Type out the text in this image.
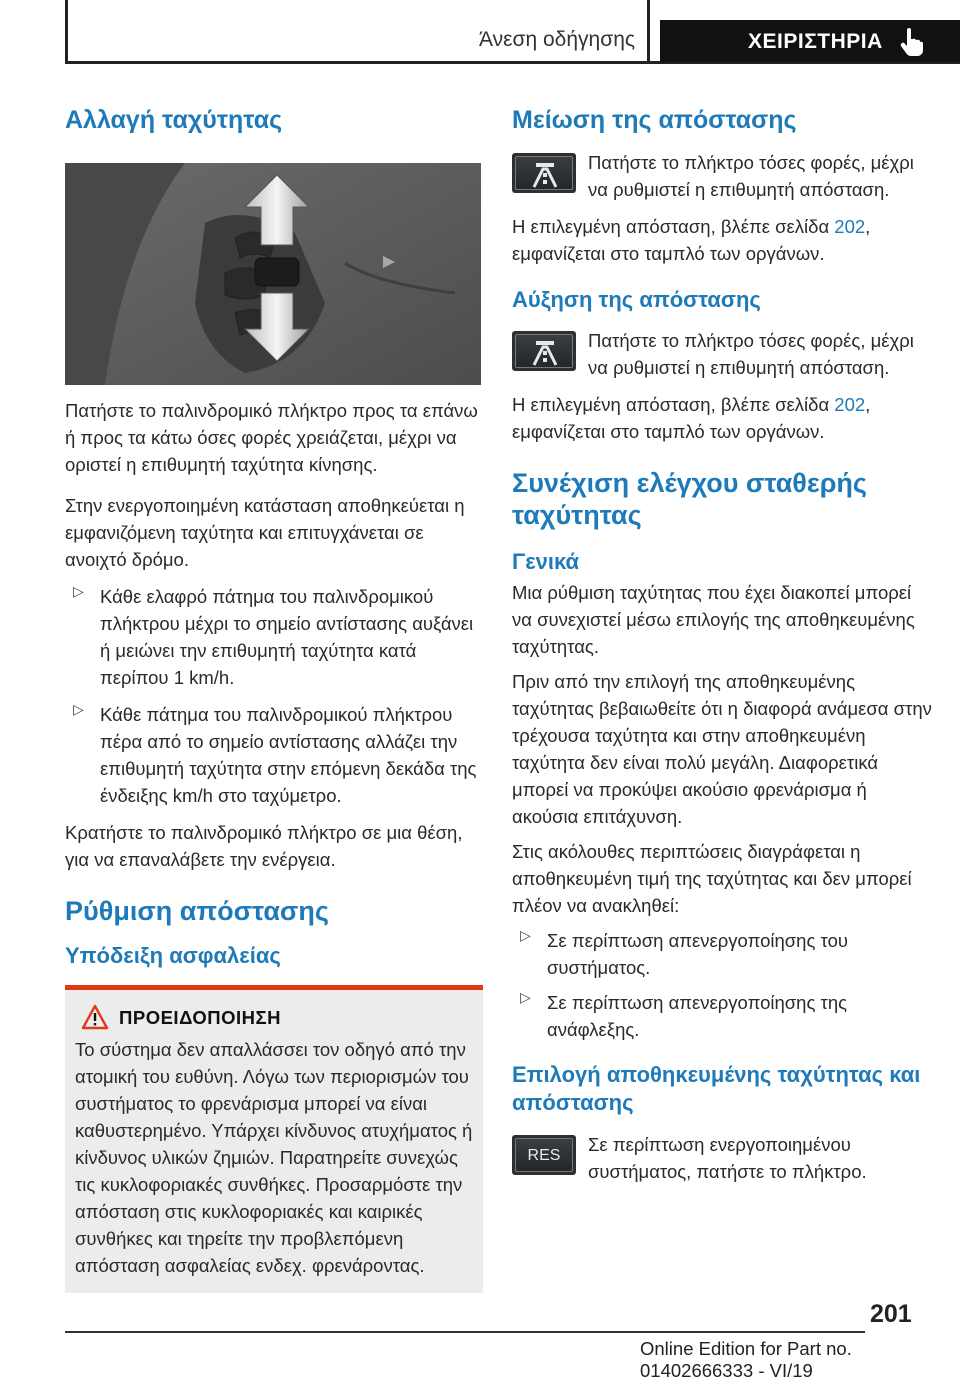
Άνεση οδήγησης	ΧΕΙΡΙΣΤΗΡΙΑ
Αλλαγή ταχύτητας

Πατήστε το παλινδρομικό πλήκτρο προς τα επάνω ή προς τα κάτω όσες φορές χρειάζεται, μέχρι να οριστεί η επιθυμητή ταχύτητα κίνησης.

Στην ενεργοποιημένη κατάσταση αποθηκεύεται η εμφανιζόμενη ταχύτητα και επιτυγχάνεται σε ανοιχτό δρόμο.

▷ Κάθε ελαφρό πάτημα του παλινδρομικού πλήκτρου μέχρι το σημείο αντίστασης αυξάνει ή μειώνει την επιθυμητή ταχύτητα κατά περίπου 1 km/h.

▷ Κάθε πάτημα του παλινδρομικού πλήκτρου πέρα από το σημείο αντίστασης αλλάζει την επιθυμητή ταχύτητα στην επόμενη δεκάδα της ένδειξης km/h στο ταχύμετρο.

Κρατήστε το παλινδρομικό πλήκτρο σε μια θέση, για να επαναλάβετε την ενέργεια.

Ρύθμιση απόστασης
Υπόδειξη ασφαλείας
ΠΡΟΕΙΔΟΠΟΙΗΣΗ

Το σύστημα δεν απαλλάσσει τον οδηγό από την ατομική του ευθύνη. Λόγω των περιορισμών του συστήματος το φρενάρισμα μπορεί να είναι καθυστερημένο. Υπάρχει κίνδυνος ατυχήματος ή κίνδυνος υλικών ζημιών. Παρατηρείτε συνεχώς τις κυκλοφοριακές συνθήκες. Προσαρμόστε την απόσταση στις κυκλοφοριακές και καιρικές συνθήκες και τηρείτε την προβλεπόμενη απόσταση ασφαλείας ενδεχ. φρενάροντας.

Μείωση της απόστασης

Πατήστε το πλήκτρο τόσες φορές, μέχρι να ρυθμιστεί η επιθυμητή απόσταση.

Η επιλεγμένη απόσταση, βλέπε σελίδα 202, εμφανίζεται στο ταμπλό των οργάνων.

Αύξηση της απόστασης

Πατήστε το πλήκτρο τόσες φορές, μέχρι να ρυθμιστεί η επιθυμητή απόσταση.

Η επιλεγμένη απόσταση, βλέπε σελίδα 202, εμφανίζεται στο ταμπλό των οργάνων.

Συνέχιση ελέγχου σταθερής ταχύτητας
Γενικά

Μια ρύθμιση ταχύτητας που έχει διακοπεί μπορεί να συνεχιστεί μέσω επιλογής της αποθηκευμένης ταχύτητας.

Πριν από την επιλογή της αποθηκευμένης ταχύτητας βεβαιωθείτε ότι η διαφορά ανάμεσα στην τρέχουσα ταχύτητα και στην αποθηκευμένη ταχύτητα δεν είναι πολύ μεγάλη. Διαφορετικά μπορεί να προκύψει ακούσιο φρενάρισμα ή ακούσια επιτάχυνση.

Στις ακόλουθες περιπτώσεις διαγράφεται η αποθηκευμένη τιμή της ταχύτητας και δεν μπορεί πλέον να ανακληθεί:

▷ Σε περίπτωση απενεργοποίησης του συστήματος.

▷ Σε περίπτωση απενεργοποίησης της ανάφλεξης.

Επιλογή αποθηκευμένης ταχύτητας και απόστασης
RES

Σε περίπτωση ενεργοποιημένου συστήματος, πατήστε το πλήκτρο.

201
Online Edition for Part no. 01402666333 - VI/19
